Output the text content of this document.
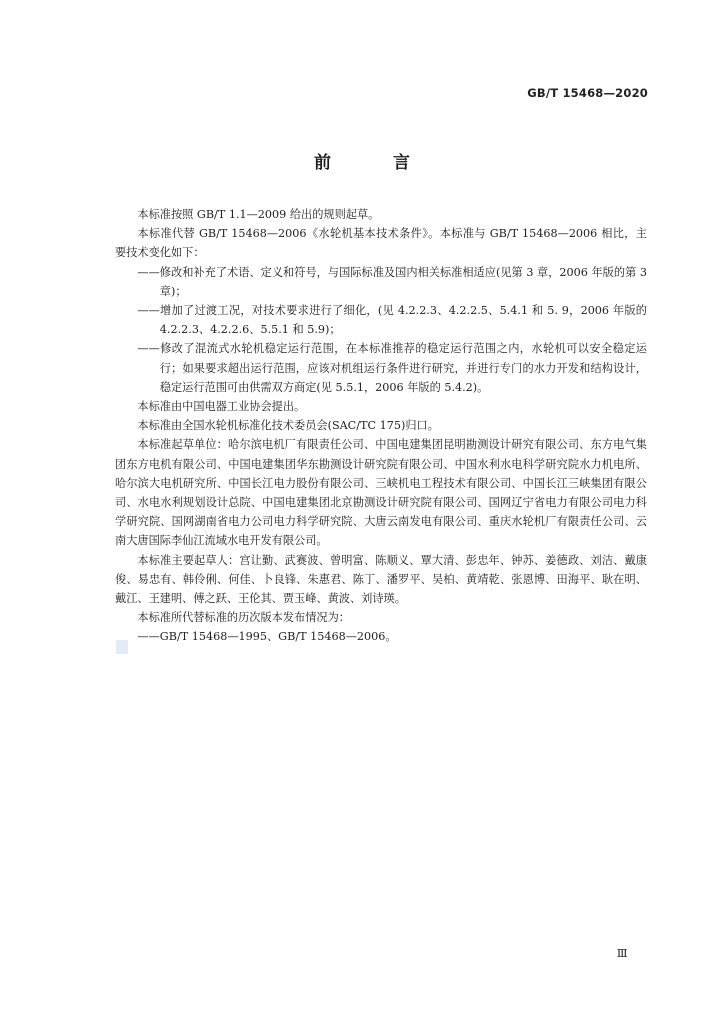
GB/T 15468—2020
前 言

本标准按照 GB/T 1.1—2009 给出的规则起草。

本标准代替 GB/T 15468—2006《水轮机基本技术条件》。本标准与 GB/T 15468—2006 相比，主要技术变化如下：

——修改和补充了术语、定义和符号，与国际标准及国内相关标准相适应(见第 3 章，2006 年版的第 3 章)；

——增加了过渡工况，对技术要求进行了细化，(见 4.2.2.3、4.2.2.5、5.4.1 和 5. 9，2006 年版的 4.2.2.3、4.2.2.6、5.5.1 和 5.9)；

——修改了混流式水轮机稳定运行范围，在本标准推荐的稳定运行范围之内，水轮机可以安全稳定运行；如果要求超出运行范围，应该对机组运行条件进行研究，并进行专门的水力开发和结构设计，稳定运行范围可由供需双方商定(见 5.5.1，2006 年版的 5.4.2)。

本标准由中国电器工业协会提出。

本标准由全国水轮机标准化技术委员会(SAC/TC 175)归口。

本标准起草单位：哈尔滨电机厂有限责任公司、中国电建集团昆明勘测设计研究有限公司、东方电气集团东方电机有限公司、中国电建集团华东勘测设计研究院有限公司、中国水利水电科学研究院水力机电所、哈尔滨大电机研究所、中国长江电力股份有限公司、三峡机电工程技术有限公司、中国长江三峡集团有限公司、水电水利规划设计总院、中国电建集团北京勘测设计研究院有限公司、国网辽宁省电力有限公司电力科学研究院、国网湖南省电力公司电力科学研究院、大唐云南发电有限公司、重庆水轮机厂有限责任公司、云南大唐国际李仙江流域水电开发有限公司。

本标准主要起草人：宫让勤、武赛波、曾明富、陈顺义、覃大清、彭忠年、钟苏、姜德政、刘洁、戴康俊、易忠有、韩伶俐、何佳、卜良锋、朱惠君、陈丁、潘罗平、吴柏、黄靖乾、张恩博、田海平、耿在明、戴江、王建明、傅之跃、王伦其、贾玉峰、黄波、刘诗瑛。

本标准所代替标准的历次版本发布情况为：

——GB/T 15468—1995、GB/T 15468—2006。

Ⅲ
